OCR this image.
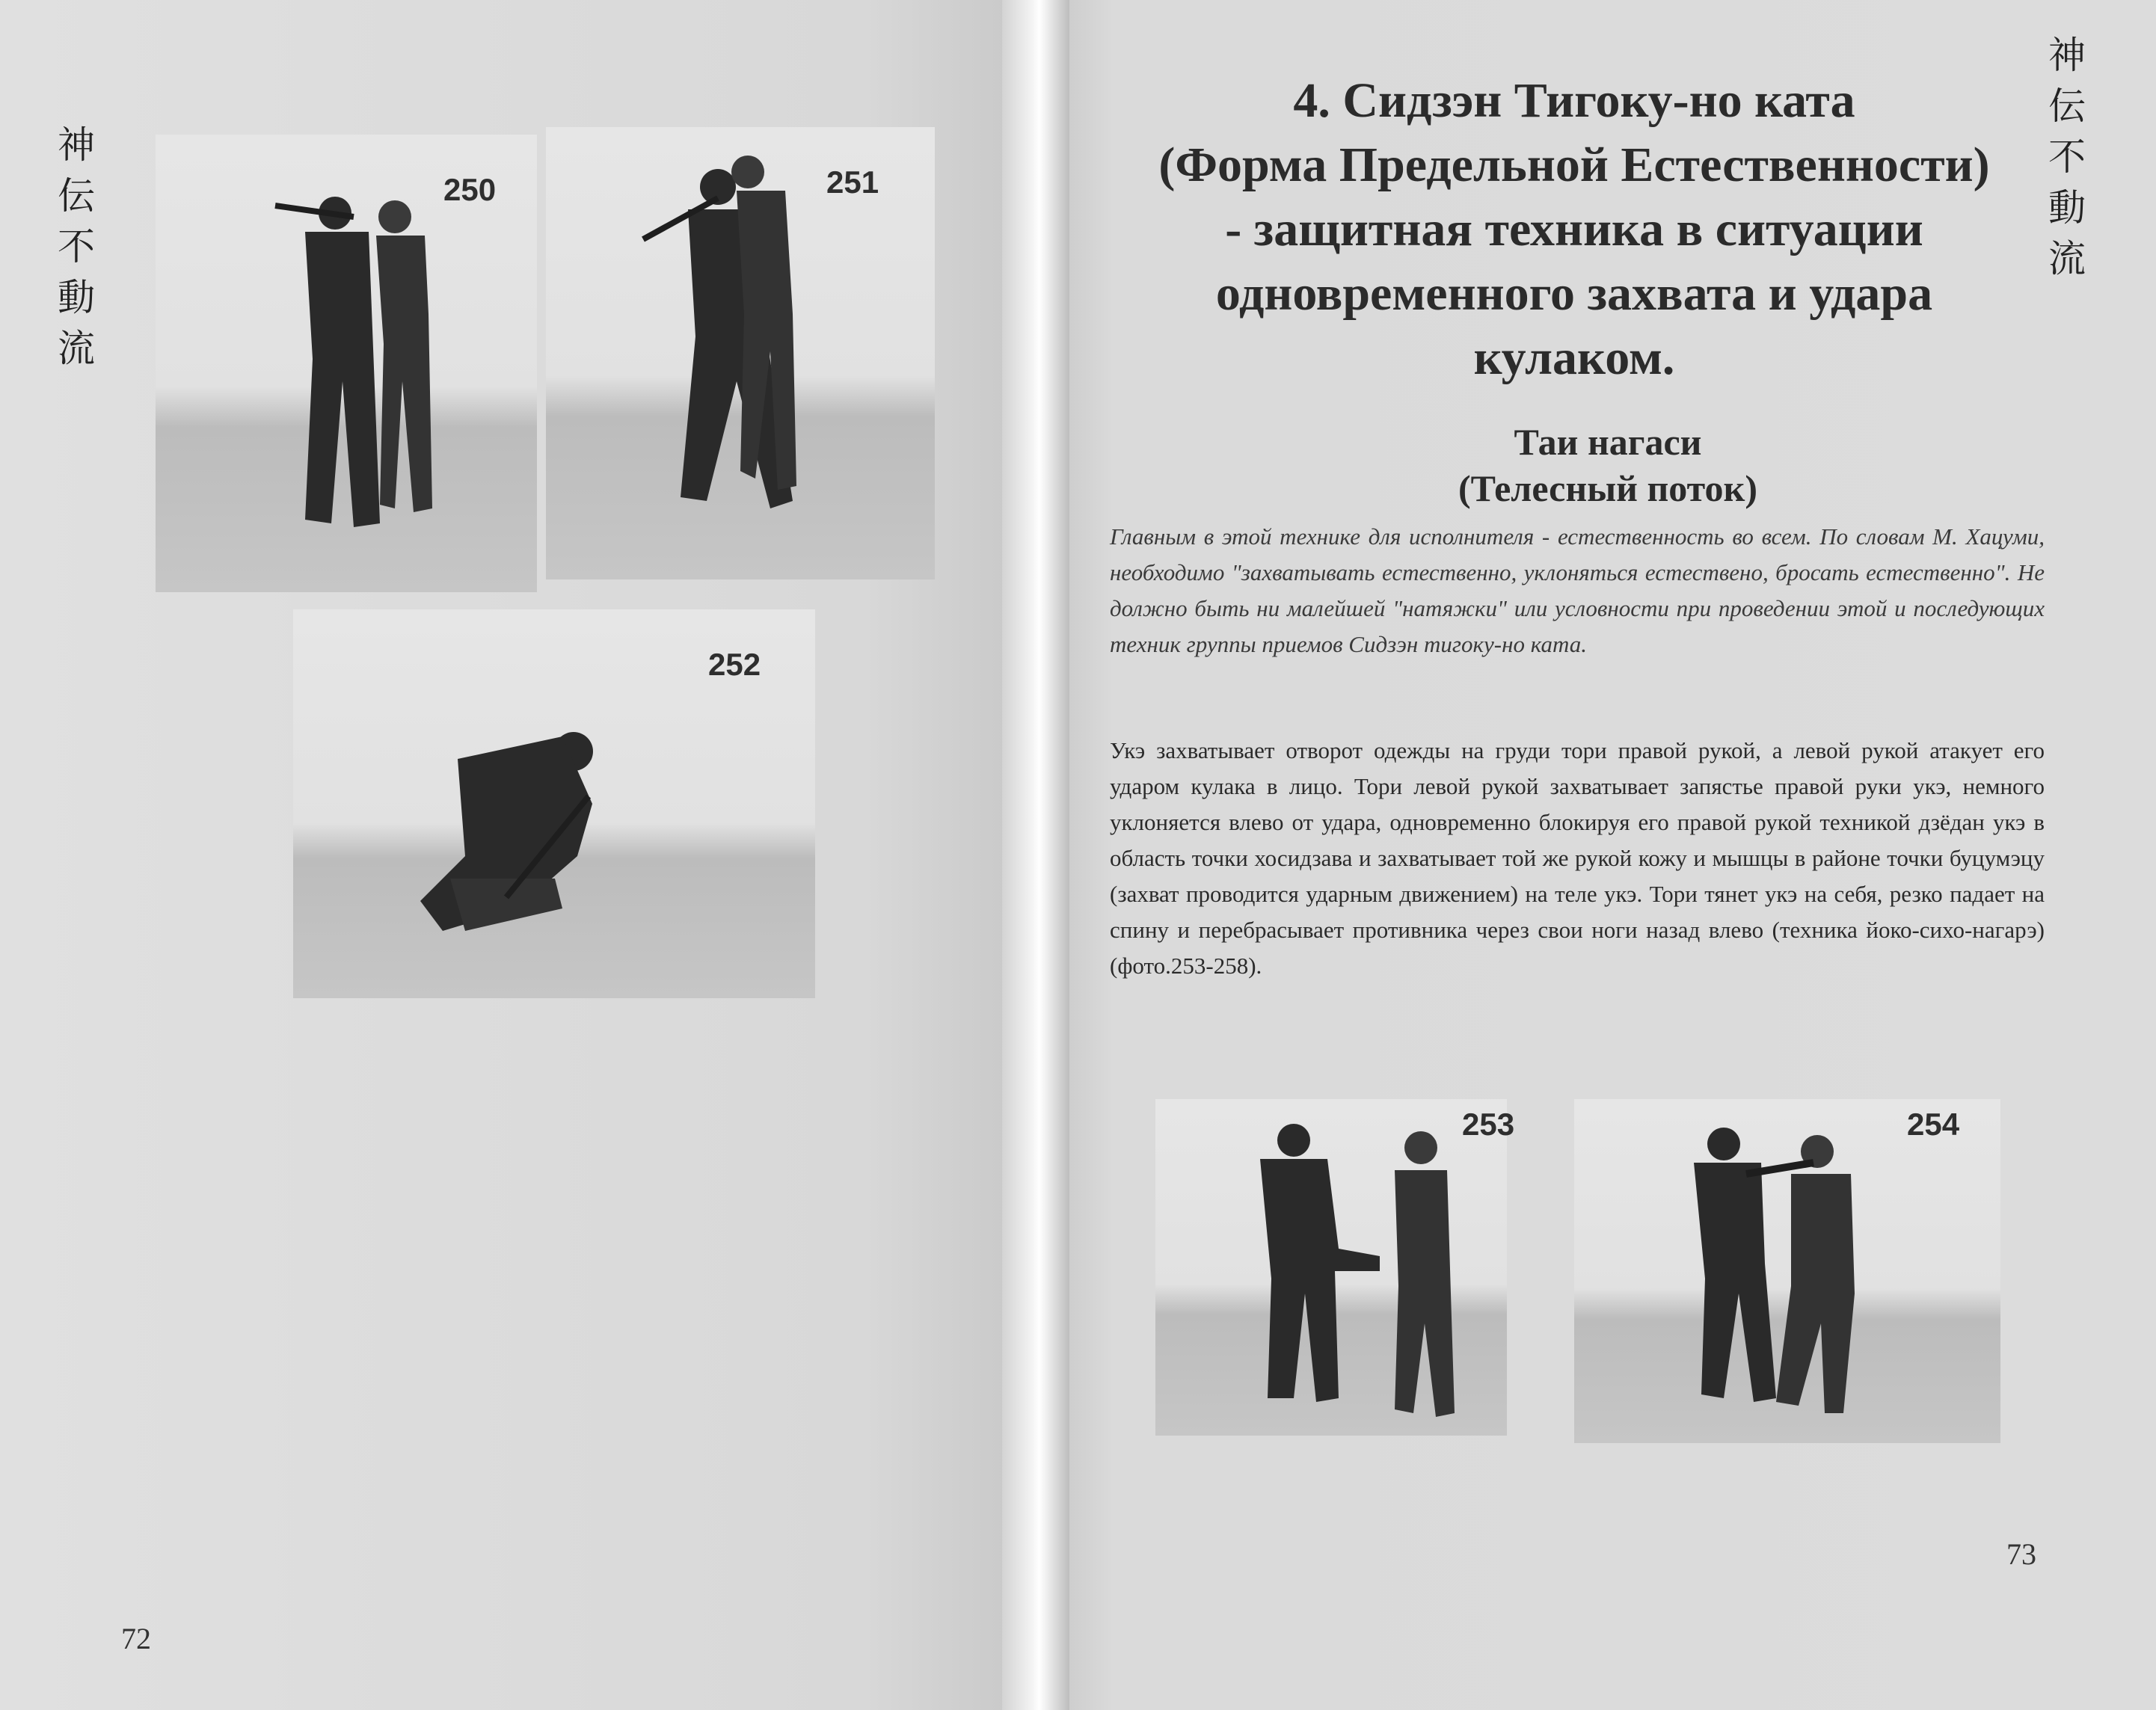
神
伝
不
動
流
250	251
252
72
神
伝
不
動
流
4. Сидзэн Тигоку-но ката
(Форма Предельной Естественности)
- защитная техника в ситуации
одновременного захвата и удара
кулаком.
Таи нагаси
(Телесный поток)
Главным в этой технике для исполнителя - естественность во всем. По словам М. Хацуми, необходимо "захватывать естественно, уклоняться естествено, бросать естественно". Не должно быть ни малейшей "натяжки" или условности при проведении этой и последующих техник группы приемов Сидзэн тигоку-но ката.
Укэ захватывает отворот одежды на груди тори правой рукой, а левой рукой атакует его ударом кулака в лицо. Тори левой рукой захватывает запястье правой руки укэ, немного уклоняется влево от удара, одновременно блокируя его правой рукой техникой дзёдан укэ в область точки хосидзава и захватывает той же рукой кожу и мышцы в районе точки буцумэцу (захват проводится ударным движением) на теле укэ. Тори тянет укэ на себя, резко падает на спину и перебрасывает противника через свои ноги назад влево (техника йоко-сихо-нагарэ) (фото.253-258).
253	254
73
